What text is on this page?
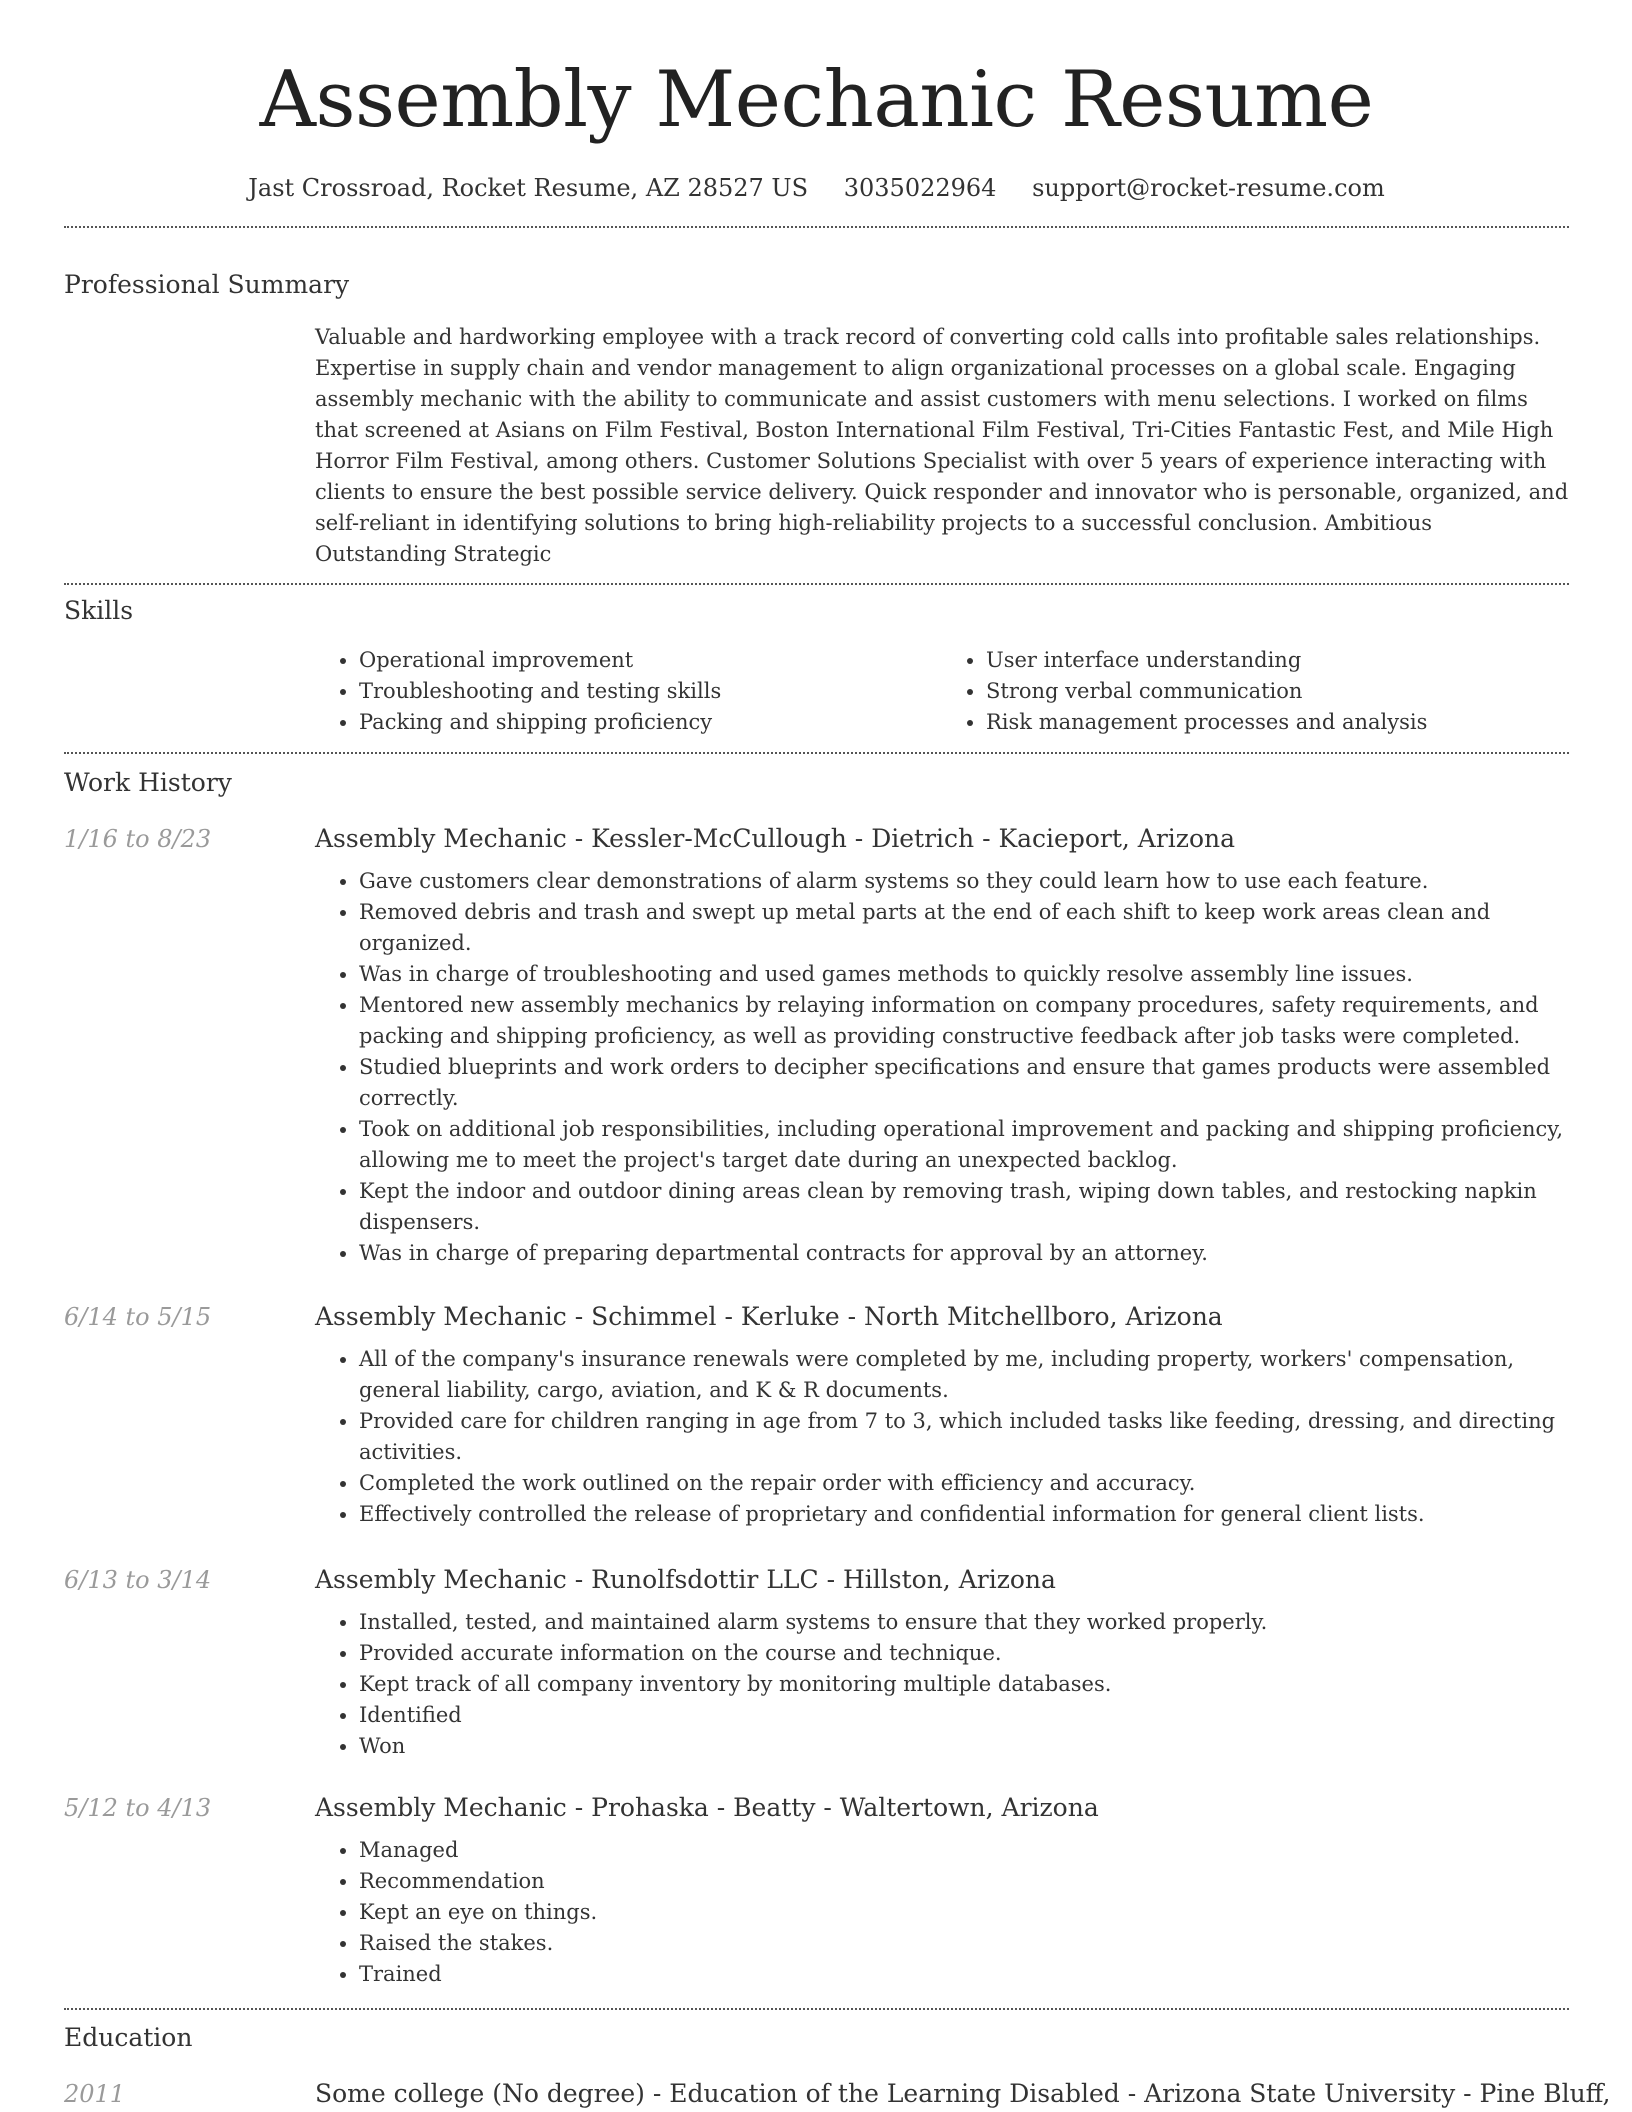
Assembly Mechanic Resume
Jast Crossroad, Rocket Resume, AZ 28527 US 3035022964 support@rocket-resume.com
Professional Summary
Valuable and hardworking employee with a track record of converting cold calls into profitable sales relationships. Expertise in supply chain and vendor management to align organizational processes on a global scale. Engaging assembly mechanic with the ability to communicate and assist customers with menu selections. I worked on films that screened at Asians on Film Festival, Boston International Film Festival, Tri-Cities Fantastic Fest, and Mile High Horror Film Festival, among others. Customer Solutions Specialist with over 5 years of experience interacting with clients to ensure the best possible service delivery. Quick responder and innovator who is personable, organized, and self-reliant in identifying solutions to bring high-reliability projects to a successful conclusion. Ambitious Outstanding Strategic
Skills
• Operational improvement
• Troubleshooting and testing skills
• Packing and shipping proficiency
• User interface understanding
• Strong verbal communication
• Risk management processes and analysis
Work History
1/16 to 8/23	Assembly Mechanic - Kessler-McCullough - Dietrich - Kacieport, Arizona
• Gave customers clear demonstrations of alarm systems so they could learn how to use each feature.
• Removed debris and trash and swept up metal parts at the end of each shift to keep work areas clean and organized.
• Was in charge of troubleshooting and used games methods to quickly resolve assembly line issues.
• Mentored new assembly mechanics by relaying information on company procedures, safety requirements, and packing and shipping proficiency, as well as providing constructive feedback after job tasks were completed.
• Studied blueprints and work orders to decipher specifications and ensure that games products were assembled correctly.
• Took on additional job responsibilities, including operational improvement and packing and shipping proficiency, allowing me to meet the project's target date during an unexpected backlog.
• Kept the indoor and outdoor dining areas clean by removing trash, wiping down tables, and restocking napkin dispensers.
• Was in charge of preparing departmental contracts for approval by an attorney.
6/14 to 5/15	Assembly Mechanic - Schimmel - Kerluke - North Mitchellboro, Arizona
• All of the company's insurance renewals were completed by me, including property, workers' compensation, general liability, cargo, aviation, and K & R documents.
• Provided care for children ranging in age from 7 to 3, which included tasks like feeding, dressing, and directing activities.
• Completed the work outlined on the repair order with efficiency and accuracy.
• Effectively controlled the release of proprietary and confidential information for general client lists.
6/13 to 3/14	Assembly Mechanic - Runolfsdottir LLC - Hillston, Arizona
• Installed, tested, and maintained alarm systems to ensure that they worked properly.
• Provided accurate information on the course and technique.
• Kept track of all company inventory by monitoring multiple databases.
• Identified
• Won
5/12 to 4/13	Assembly Mechanic - Prohaska - Beatty - Waltertown, Arizona
• Managed
• Recommendation
• Kept an eye on things.
• Raised the stakes.
• Trained
Education
2011	Some college (No degree) - Education of the Learning Disabled - Arizona State University - Pine Bluff,
